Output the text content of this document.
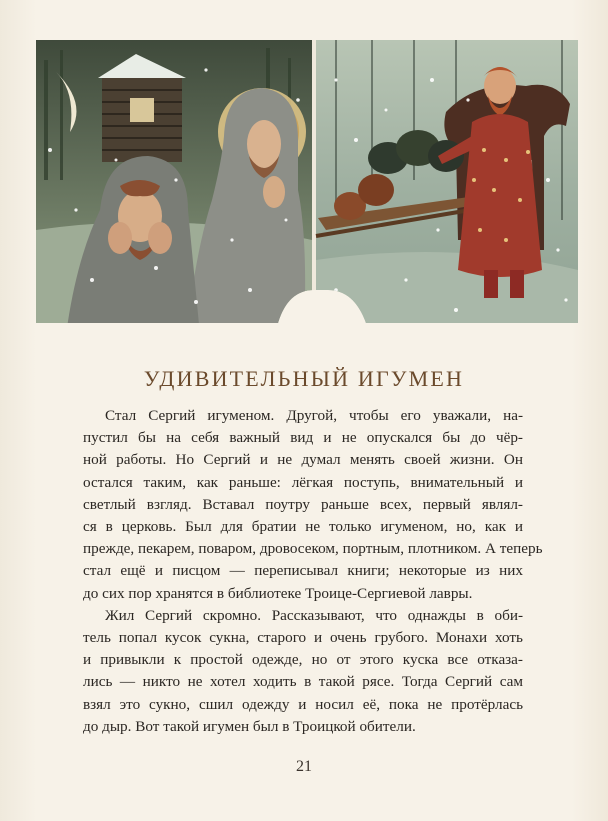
УДИВИТЕЛЬНЫЙ ИГУМЕН
Стал Сергий игуменом. Другой, чтобы его уважали, на-
пустил бы на себя важный вид и не опускался бы до чёр-
ной работы. Но Сергий и не думал менять своей жизни. Он
остался таким, как раньше: лёгкая поступь, внимательный и
светлый взгляд. Вставал поутру раньше всех, первый являл-
ся в церковь. Был для братии не только игуменом, но, как и
прежде, пекарем, поваром, дровосеком, портным, плотником. А теперь
стал ещё и писцом — переписывал книги; некоторые из них
до сих пор хранятся в библиотеке Троице-Сергиевой лавры.
Жил Сергий скромно. Рассказывают, что однажды в оби-
тель попал кусок сукна, старого и очень грубого. Монахи хоть
и привыкли к простой одежде, но от этого куска все отказа-
лись — никто не хотел ходить в такой рясе. Тогда Сергий сам
взял это сукно, сшил одежду и носил её, пока не протёрлась
до дыр. Вот такой игумен был в Троицкой обители.
21
